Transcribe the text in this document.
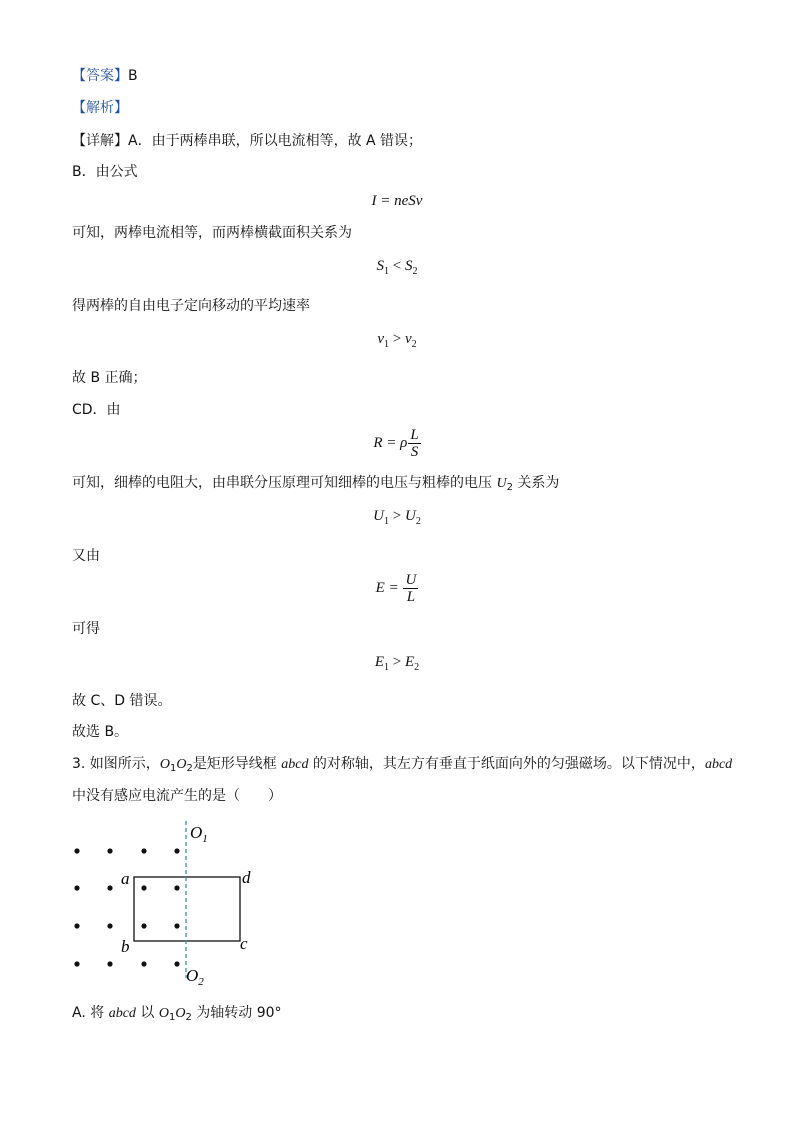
【答案】B
【解析】
【详解】A．由于两棒串联，所以电流相等，故 A 错误；
B．由公式
I = neSv
可知，两棒电流相等，而两棒横截面积关系为
$S_1 < S_2$
得两棒的自由电子定向移动的平均速率
$v_1 > v_2$
故 B 正确；
CD．由
R = ρ $\frac{L}{S}$
可知，细棒的电阻大，由串联分压原理可知细棒的电压与粗棒的电压 $U_2$ 关系为
$U_1 > U_2$
又由
$E = \frac{U}{L}$
可得
$E_1 > E_2$
故 C、D 错误。
故选 B。
3. 如图所示，$O_1O_2$是矩形导线框 abcd 的对称轴，其左方有垂直于纸面向外的匀强磁场。以下情况中，abcd
中没有感应电流产生的是（　　）
$O_1$
$O_2$
a
b	c
d
A. 将 abcd 以 $O_1O_2$ 为轴转动 90°
